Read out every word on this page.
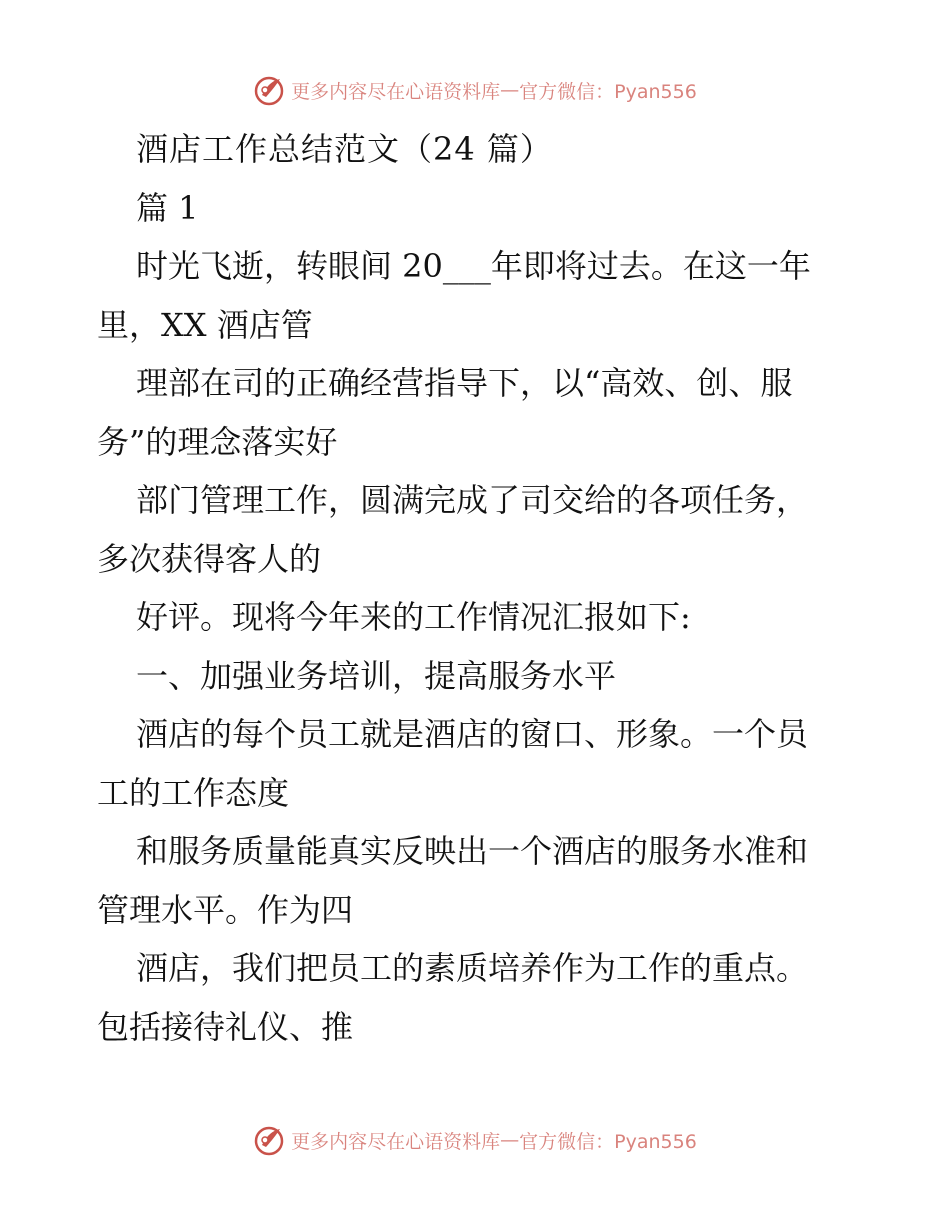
更多内容尽在心语资料库 — 官方微信：Pyan556
酒店工作总结范文（24 篇）
篇 1
时光飞逝，转眼间 20___年即将过去。在这一年
里，XX 酒店管
理部在司的正确经营指导下，以“高效、创、服
务”的理念落实好
部门管理工作，圆满完成了司交给的各项任务，
多次获得客人的
好评。现将今年来的工作情况汇报如下:
一、加强业务培训，提高服务水平
酒店的每个员工就是酒店的窗口、形象。一个员
工的工作态度
和服务质量能真实反映出一个酒店的服务水准和
管理水平。作为四
酒店，我们把员工的素质培养作为工作的重点。
包括接待礼仪、推
更多内容尽在心语资料库 — 官方微信：Pyan556
